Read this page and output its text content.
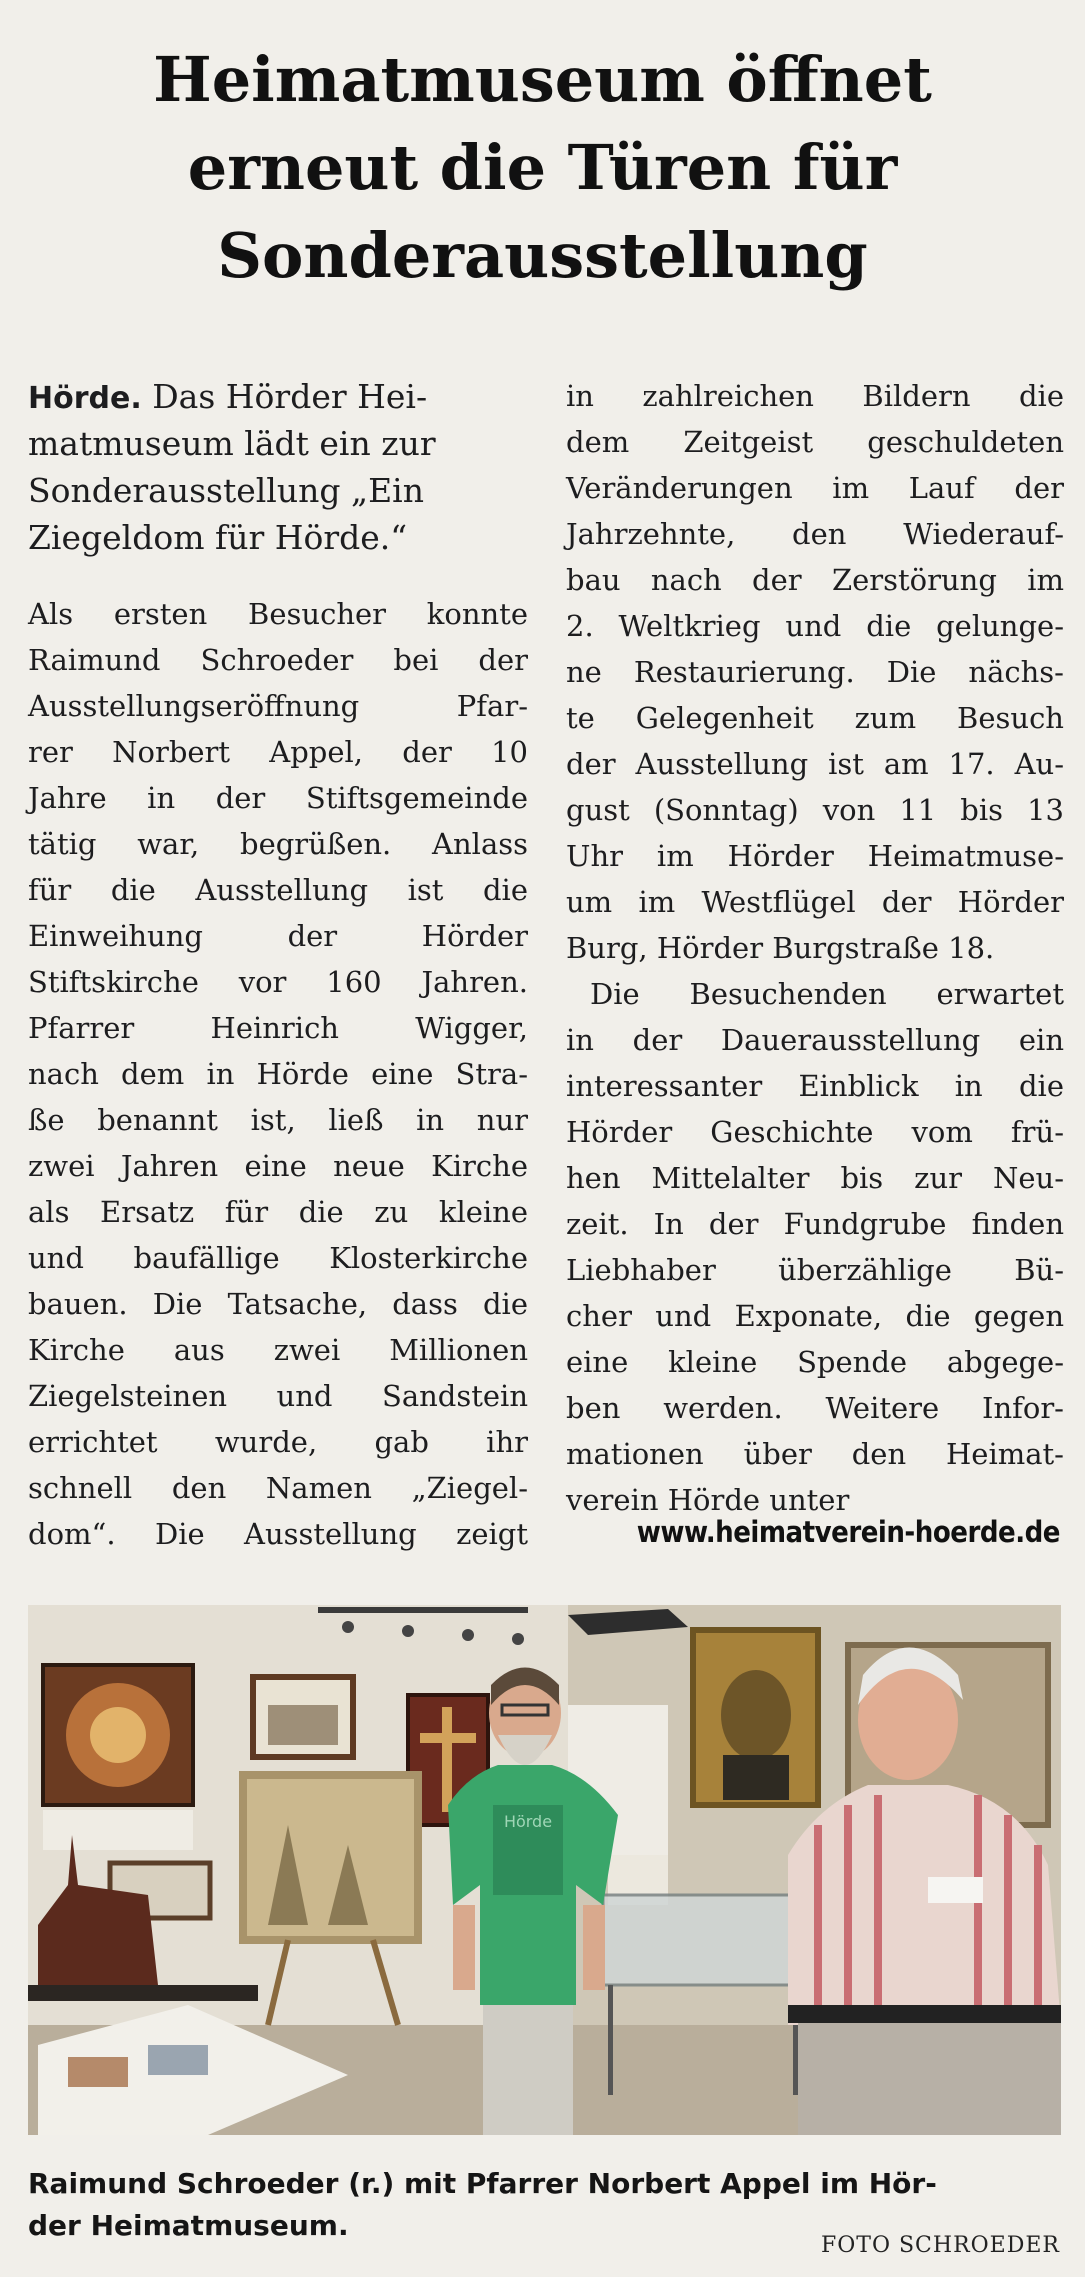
Heimatmuseum öffnet
erneut die Türen für
Sonderausstellung
Hörde. Das Hörder Hei-
matmuseum lädt ein zur
Sonderausstellung „Ein
Ziegeldom für Hörde.“
Als ersten Besucher konnte
Raimund Schroeder bei der
Ausstellungseröffnung Pfar-
rer Norbert Appel, der 10
Jahre in der Stiftsgemeinde
tätig war, begrüßen. Anlass
für die Ausstellung ist die
Einweihung der Hörder
Stiftskirche vor 160 Jahren.
Pfarrer Heinrich Wigger,
nach dem in Hörde eine Stra-
ße benannt ist, ließ in nur
zwei Jahren eine neue Kirche
als Ersatz für die zu kleine
und baufällige Klosterkirche
bauen. Die Tatsache, dass die
Kirche aus zwei Millionen
Ziegelsteinen und Sandstein
errichtet wurde, gab ihr
schnell den Namen „Ziegel-
dom“. Die Ausstellung zeigt
in zahlreichen Bildern die
dem Zeitgeist geschuldeten
Veränderungen im Lauf der
Jahrzehnte, den Wiederauf-
bau nach der Zerstörung im
2. Weltkrieg und die gelunge-
ne Restaurierung. Die nächs-
te Gelegenheit zum Besuch
der Ausstellung ist am 17. Au-
gust (Sonntag) von 11 bis 13
Uhr im Hörder Heimatmuse-
um im Westflügel der Hörder
Burg, Hörder Burgstraße 18.
Die Besuchenden erwartet
in der Dauerausstellung ein
interessanter Einblick in die
Hörder Geschichte vom frü-
hen Mittelalter bis zur Neu-
zeit. In der Fundgrube finden
Liebhaber überzählige Bü-
cher und Exponate, die gegen
eine kleine Spende abgege-
ben werden. Weitere Infor-
mationen über den Heimat-
verein Hörde unter
www.heimatverein-hoerde.de
Hörde
Raimund Schroeder (r.) mit Pfarrer Norbert Appel im Hör-
der Heimatmuseum.
FOTO SCHROEDER
